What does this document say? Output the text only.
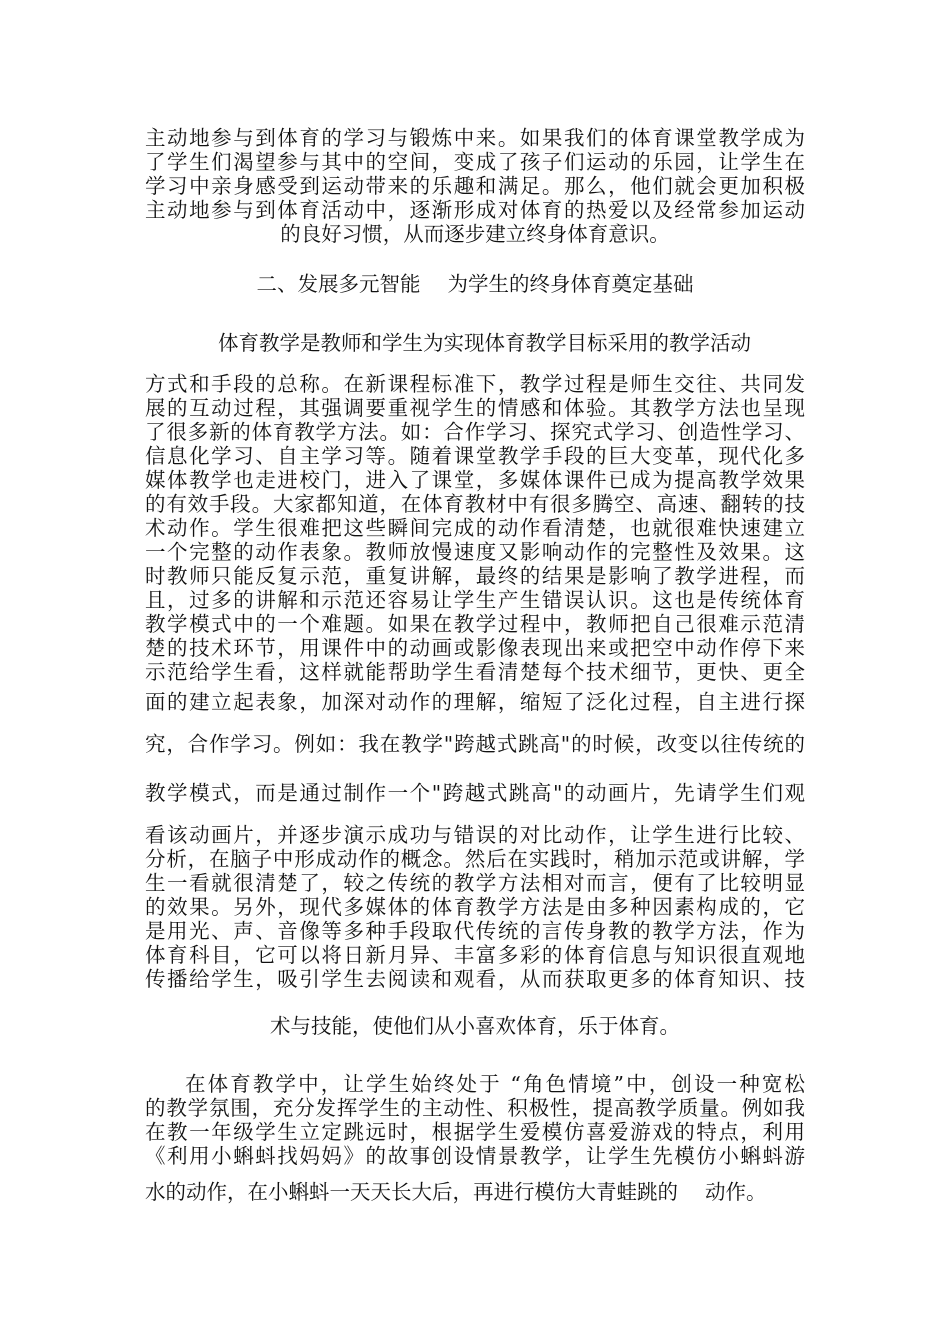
主动地参与到体育的学习与锻炼中来。如果我们的体育课堂教学成为
了学生们渴望参与其中的空间，变成了孩子们运动的乐园，让学生在
学习中亲身感受到运动带来的乐趣和满足。那么，他们就会更加积极
主动地参与到体育活动中，逐渐形成对体育的热爱以及经常参加运动
的良好习惯，从而逐步建立终身体育意识。
二、发展多元智能　 为学生的终身体育奠定基础
体育教学是教师和学生为实现体育教学目标采用的教学活动
方式和手段的总称。在新课程标准下，教学过程是师生交往、共同发
展的互动过程，其强调要重视学生的情感和体验。其教学方法也呈现
了很多新的体育教学方法。如：合作学习、探究式学习、创造性学习、
信息化学习、自主学习等。随着课堂教学手段的巨大变革，现代化多
媒体教学也走进校门，进入了课堂，多媒体课件已成为提高教学效果
的有效手段。大家都知道，在体育教材中有很多腾空、高速、翻转的技
术动作。学生很难把这些瞬间完成的动作看清楚，也就很难快速建立
一个完整的动作表象。教师放慢速度又影响动作的完整性及效果。这
时教师只能反复示范，重复讲解，最终的结果是影响了教学进程，而
且，过多的讲解和示范还容易让学生产生错误认识。这也是传统体育
教学模式中的一个难题。如果在教学过程中，教师把自己很难示范清
楚的技术环节，用课件中的动画或影像表现出来或把空中动作停下来
示范给学生看，这样就能帮助学生看清楚每个技术细节，更快、更全
面的建立起表象，加深对动作的理解，缩短了泛化过程，自主进行探
究，合作学习。例如：我在教学"跨越式跳高"的时候，改变以往传统的
教学模式，而是通过制作一个"跨越式跳高"的动画片，先请学生们观
看该动画片，并逐步演示成功与错误的对比动作，让学生进行比较、
分析，在脑子中形成动作的概念。然后在实践时，稍加示范或讲解，学
生一看就很清楚了，较之传统的教学方法相对而言，便有了比较明显
的效果。另外，现代多媒体的体育教学方法是由多种因素构成的，它
是用光、声、音像等多种手段取代传统的言传身教的教学方法，作为
体育科目，它可以将日新月异、丰富多彩的体育信息与知识很直观地
传播给学生，吸引学生去阅读和观看，从而获取更多的体育知识、技
术与技能，使他们从小喜欢体育，乐于体育。
在体育教学中，让学生始终处于 “角色情境”中，创设一种宽松
的教学氛围，充分发挥学生的主动性、积极性，提高教学质量。例如我
在教一年级学生立定跳远时，根据学生爱模仿喜爱游戏的特点，利用
《利用小蝌蚪找妈妈》的故事创设情景教学，让学生先模仿小蝌蚪游
水的动作，在小蝌蚪一天天长大后，再进行模仿大青蛙跳的　 动作。
